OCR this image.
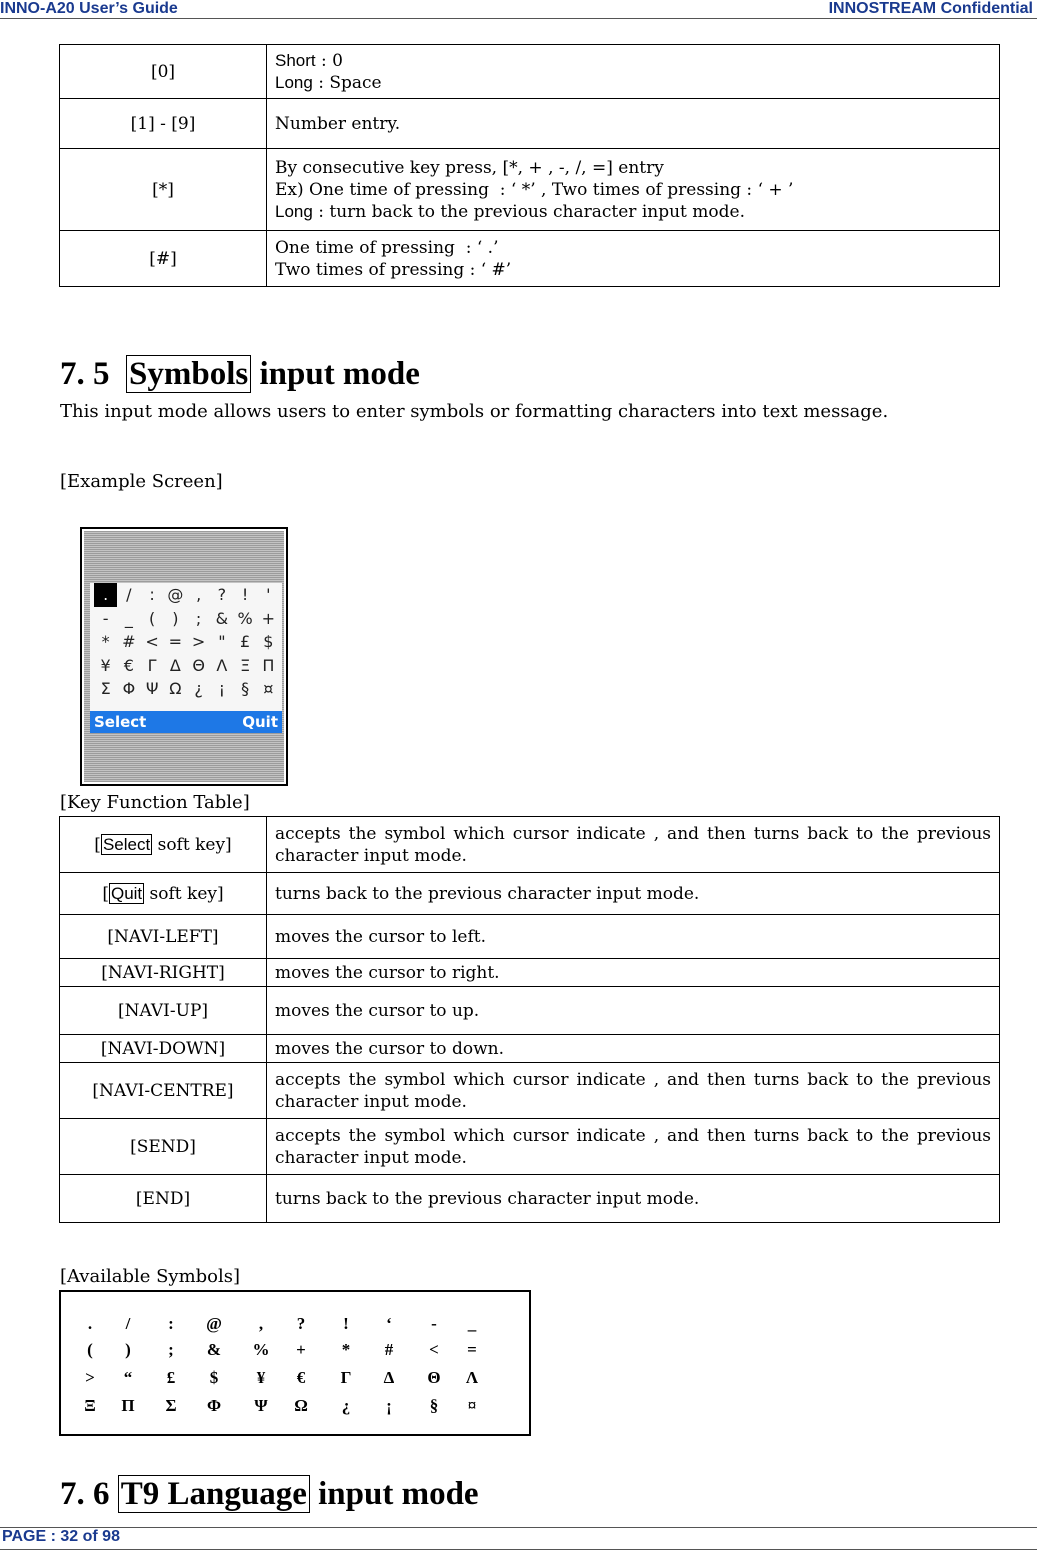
INNO-A20 User’s Guide	INNOSTREAM Confidential
[0]	Short : 0
Long : Space

[1] - [9]	Number entry.

[*]	By consecutive key press, [*, + , -, /, =] entry
Ex) One time of pressing  : ‘ *’ , Two times of pressing : ‘ + ’
Long : turn back to the previous character input mode.

[#]	One time of pressing  : ‘ .’
Two times of pressing : ‘ #’
7. 5 Symbols input mode
This input mode allows users to enter symbols or formatting characters into text message.
[Example Screen]
.	/	: @ ,	? !	'
-	_	(	)	; & % +
* # < = > " £ $
¥ € Γ Δ Θ Λ Ξ Π
Σ Φ Ψ Ω ¿ ¡	§ ¤
Select	Quit
[Key Function Table]
[ Select soft key]	accepts the symbol which cursor indicate , and then turns back to the previous character input mode.
[ Quit soft key]	turns back to the previous character input mode.
[NAVI-LEFT]	moves the cursor to left.
[NAVI-RIGHT]	moves the cursor to right.
[NAVI-UP]	moves the cursor to up.
[NAVI-DOWN]	moves the cursor to down.
[NAVI-CENTRE]	accepts the symbol which cursor indicate , and then turns back to the previous character input mode.
[SEND]	accepts the symbol which cursor indicate , and then turns back to the previous character input mode.
[END]	turns back to the previous character input mode.
[Available Symbols]
.	/	:	@	,	?	!	‘	-	_
(	)	;	&	%	+	*	#	<	=
>	“	£	$	¥	€	Γ	Δ	Θ	Λ
Ξ	Π	Σ	Φ	Ψ	Ω	¿	¡	§	¤
7. 6 T9 Language input mode
PAGE : 32 of 98
